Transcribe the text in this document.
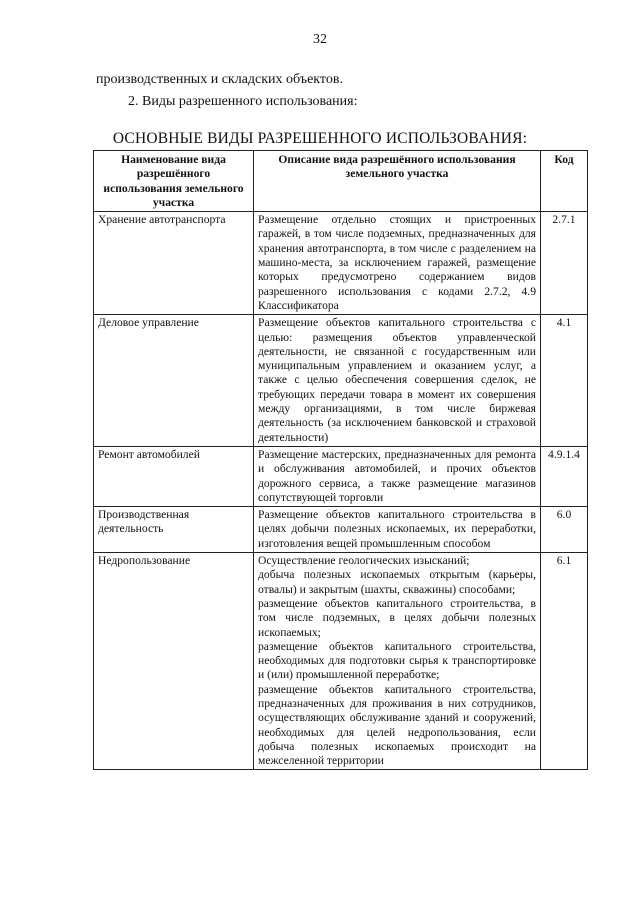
32
производственных и складских объектов.
2. Виды разрешенного использования:
ОСНОВНЫЕ ВИДЫ РАЗРЕШЕННОГО ИСПОЛЬЗОВАНИЯ:
Наименование вида разрешённого использования земельного участка	Описание вида разрешённого использования земельного участка	Код
Хранение автотранспорта	Размещение отдельно стоящих и пристроенных гаражей, в том числе подземных, предназначенных для хранения автотранспорта, в том числе с разделением на машино-места, за исключением гаражей, размещение которых предусмотрено содержанием видов разрешенного использования с кодами 2.7.2, 4.9 Классификатора	2.7.1
Деловое управление	Размещение объектов капитального строительства с целью: размещения объектов управленческой деятельности, не связанной с государственным или муниципальным управлением и оказанием услуг, а также с целью обеспечения совершения сделок, не требующих передачи товара в момент их совершения между организациями, в том числе биржевая деятельность (за исключением банковской и страховой деятельности)	4.1
Ремонт автомобилей	Размещение мастерских, предназначенных для ремонта и обслуживания автомобилей, и прочих объектов дорожного сервиса, а также размещение магазинов сопутствующей торговли	4.9.1.4
Производственная деятельность	Размещение объектов капитального строительства в целях добычи полезных ископаемых, их переработки, изготовления вещей промышленным способом	6.0
Недропользование	Осуществление геологических изысканий;
добыча полезных ископаемых открытым (карьеры, отвалы) и закрытым (шахты, скважины) способами;
размещение объектов капитального строительства, в том числе подземных, в целях добычи полезных ископаемых;
размещение объектов капитального строительства, необходимых для подготовки сырья к транспортировке и (или) промышленной переработке;
размещение объектов капитального строительства, предназначенных для проживания в них сотрудников, осуществляющих обслуживание зданий и сооружений, необходимых для целей недропользования, если добыча полезных ископаемых происходит на межселенной территории	6.1
